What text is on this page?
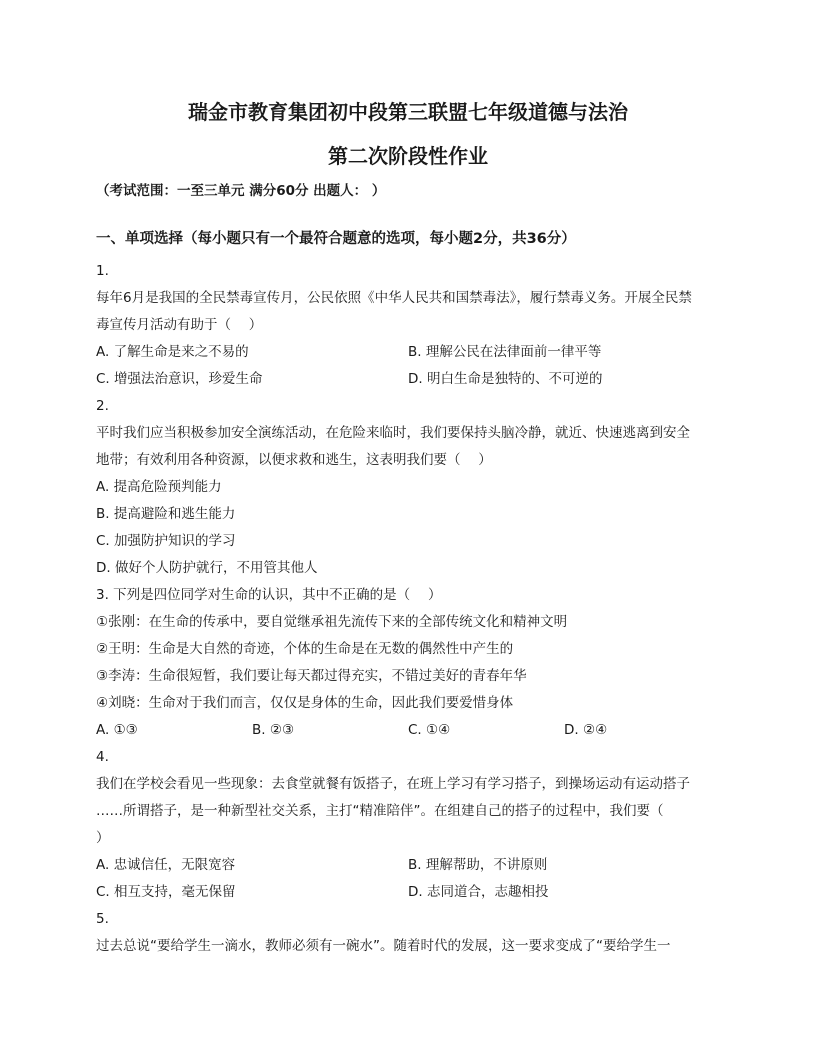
瑞金市教育集团初中段第三联盟七年级道德与法治
第二次阶段性作业
（考试范围：一至三单元 满分60分 出题人： ）
一、单项选择（每小题只有一个最符合题意的选项，每小题2分，共36分）
1.
每年6月是我国的全民禁毒宣传月，公民依照《中华人民共和国禁毒法》，履行禁毒义务。开展全民禁
毒宣传月活动有助于（　 ）
A. 了解生命是来之不易的	B. 理解公民在法律面前一律平等
C. 增强法治意识，珍爱生命	D. 明白生命是独特的、不可逆的
2.
平时我们应当积极参加安全演练活动，在危险来临时，我们要保持头脑冷静，就近、快速逃离到安全
地带；有效利用各种资源，以便求救和逃生，这表明我们要（　 ）
A. 提高危险预判能力
B. 提高避险和逃生能力
C. 加强防护知识的学习
D. 做好个人防护就行，不用管其他人
3. 下列是四位同学对生命的认识，其中不正确的是（　 ）
①张刚：在生命的传承中，要自觉继承祖先流传下来的全部传统文化和精神文明
②王明：生命是大自然的奇迹，个体的生命是在无数的偶然性中产生的
③李涛：生命很短暂，我们要让每天都过得充实，不错过美好的青春年华
④刘晓：生命对于我们而言，仅仅是身体的生命，因此我们要爱惜身体
A. ①③	B. ②③	C. ①④	D. ②④
4.
我们在学校会看见一些现象：去食堂就餐有饭搭子，在班上学习有学习搭子，到操场运动有运动搭子
……所谓搭子，是一种新型社交关系，主打“精准陪伴”。在组建自己的搭子的过程中，我们要（
）
A. 忠诚信任，无限宽容	B. 理解帮助，不讲原则
C. 相互支持，毫无保留	D. 志同道合，志趣相投
5.
过去总说“要给学生一滴水，教师必须有一碗水”。随着时代的发展，这一要求变成了“要给学生一
